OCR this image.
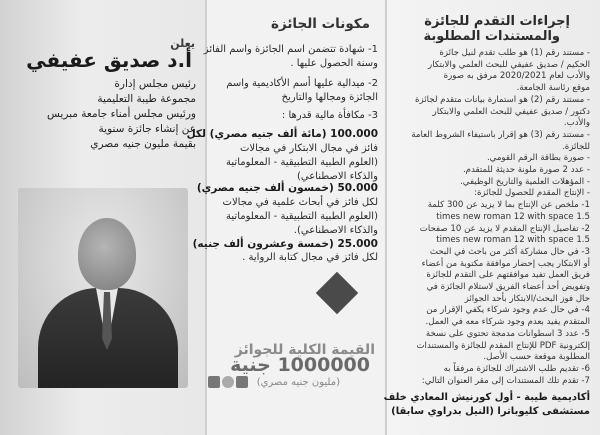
يعلن
أ.د صديق عفيفي
رئيس مجلس إدارة
مجموعة طيبة التعليمية
ورئيس مجلس أمناء جامعة مبريس
عن إنشاء جائزة سنوية
بقيمة مليون جنيه مصري
مكونات الجائزة
1- شهادة تتضمن اسم الجائزة واسم الفائز
وسنة الحصول عليها .
2- ميدالية عليها أسم الأكاديمية واسم
الجائزة ومجالها والتاريخ
3- مكافأة مالية قدرها :
100.000 (مائة ألف جنيه مصري) لكل
فائز في مجال الابتكار في مجالات
(العلوم الطبية التطبيقية - المعلوماتية
والذكاء الاصطناعي)
50.000 (خمسون ألف جنيه مصري)
لكل فائز في أبحاث علمية في مجالات
(العلوم الطبية التطبيقية - المعلوماتية
والذكاء الاصطناعي).
25.000 (خمسة وعشرون ألف جنيه)
لكل فائز في مجال كتابة الرواية .
القيمة الكلية للجوائز
1000000 جنية
(مليون جنيه مصري)
إجراءات التقدم للجائزة
والمستندات المطلوبة
- مستند رقم (1) هو طلب تقدم لنيل جائزة
الحكيم / صديق عفيفي للبحث العلمي والابتكار
والأدب لعام 2020/2021 مرفق به صورة
موقع رئاسة الجامعة.
- مستند رقم (2) هو استمارة بيانات متقدم لجائزة
دكتور / صديق عفيفي للبحث العلمي والابتكار
والأدب.
- مستند رقم (3) هو إقرار باستيفاء الشروط العامة
للجائزة.
- صورة بطاقة الرقم القومي.
- عدد 2 صورة ملونة حديثة للمتقدم.
- المؤهلات العلمية والتاريخ الوظيفي.
- الإنتاج المقدم للحصول للجائزة:
1- ملخص عن الإنتاج بما لا يزيد عن 300 كلمة
times new roman 12 with space 1.5
2- تفاصيل الإنتاج المقدم لا يزيد عن 10 صفحات
times new roman 12 with space 1.5
3- في حال مشاركة أكثر من باحث في البحث
أو الابتكار يجب إحضار موافقة مكتوبة من أعضاء
فريق العمل تفيد موافقتهم على التقدم للجائزة
وتفويض أحد أعضاء الفريق لاستلام الجائزة في
حال فوز البحث/الابتكار بأحد الجوائز
4- في حال عدم وجود شركاء يكفي الإقرار من
المتقدم يفيد بعدم وجود شركاء معه في العمل.
5- عدد 3 اسطوانات مدمجة تحتوي على نسخة
إلكترونية PDF للإنتاج المقدم للجائزة والمستندات
المطلوبة موقعة حسب الأصل.
6- تقديم طلب الاشتراك للجائزة مرفقاً به
7- تقدم تلك المستندات إلى مقر العنوان التالي:
أكاديمية طيبة - أول كورنيش المعادي خلف
مستشفى كليوباترا (النيل بدراوي سابقا)
